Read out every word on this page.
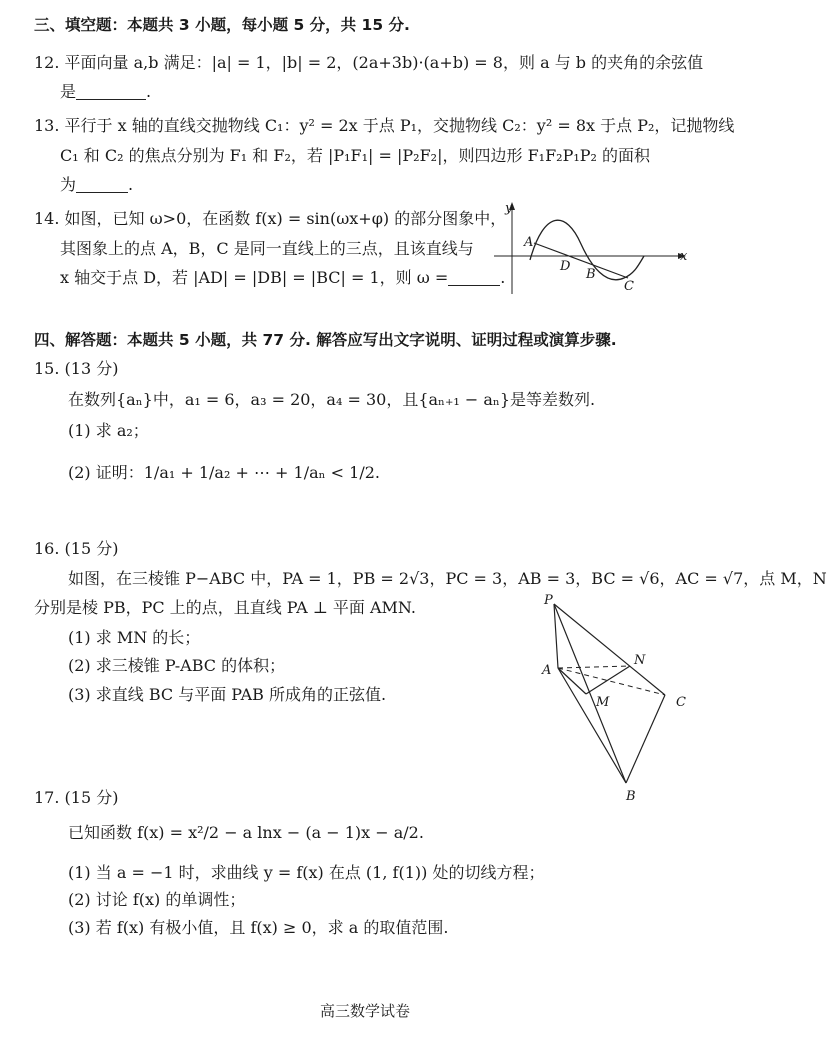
三、填空题：本题共 3 小题，每小题 5 分，共 15 分.
12. 平面向量 a,b 满足：|a| = 1，|b| = 2，(2a+3b)·(a+b) = 8，则 a 与 b 的夹角的余弦值
是	.
13. 平行于 x 轴的直线交抛物线 C₁：y² = 2x 于点 P₁，交抛物线 C₂：y² = 8x 于点 P₂，记抛物线
C₁ 和 C₂ 的焦点分别为 F₁ 和 F₂，若 |P₁F₁| = |P₂F₂|，则四边形 F₁F₂P₁P₂ 的面积
为	.
14. 如图，已知 ω>0，在函数 f(x) = sin(ωx+φ) 的部分图象中，
其图象上的点 A，B，C 是同一直线上的三点，且该直线与
x 轴交于点 D，若 |AD| = |DB| = |BC| = 1，则 ω =	.
x
y
A
D
B
C
四、解答题：本题共 5 小题，共 77 分. 解答应写出文字说明、证明过程或演算步骤.
15. (13 分)
在数列{aₙ}中，a₁ = 6，a₃ = 20，a₄ = 30，且{aₙ₊₁ − aₙ}是等差数列.
(1) 求 a₂；
(2) 证明：1/a₁ + 1/a₂ + ⋯ + 1/aₙ < 1/2.
16. (15 分)
如图，在三棱锥 P−ABC 中，PA = 1，PB = 2√3，PC = 3，AB = 3，BC = √6，AC = √7，点 M，N
分别是棱 PB，PC 上的点，且直线 PA ⊥ 平面 AMN.
(1) 求 MN 的长；
(2) 求三棱锥 P-ABC 的体积；
(3) 求直线 BC 与平面 PAB 所成角的正弦值.
P
A
N
M	C
B
17. (15 分)
已知函数 f(x) = x²/2 − a lnx − (a − 1)x − a/2.
(1) 当 a = −1 时，求曲线 y = f(x) 在点 (1, f(1)) 处的切线方程；
(2) 讨论 f(x) 的单调性；
(3) 若 f(x) 有极小值，且 f(x) ≥ 0，求 a 的取值范围.
高三数学试卷
